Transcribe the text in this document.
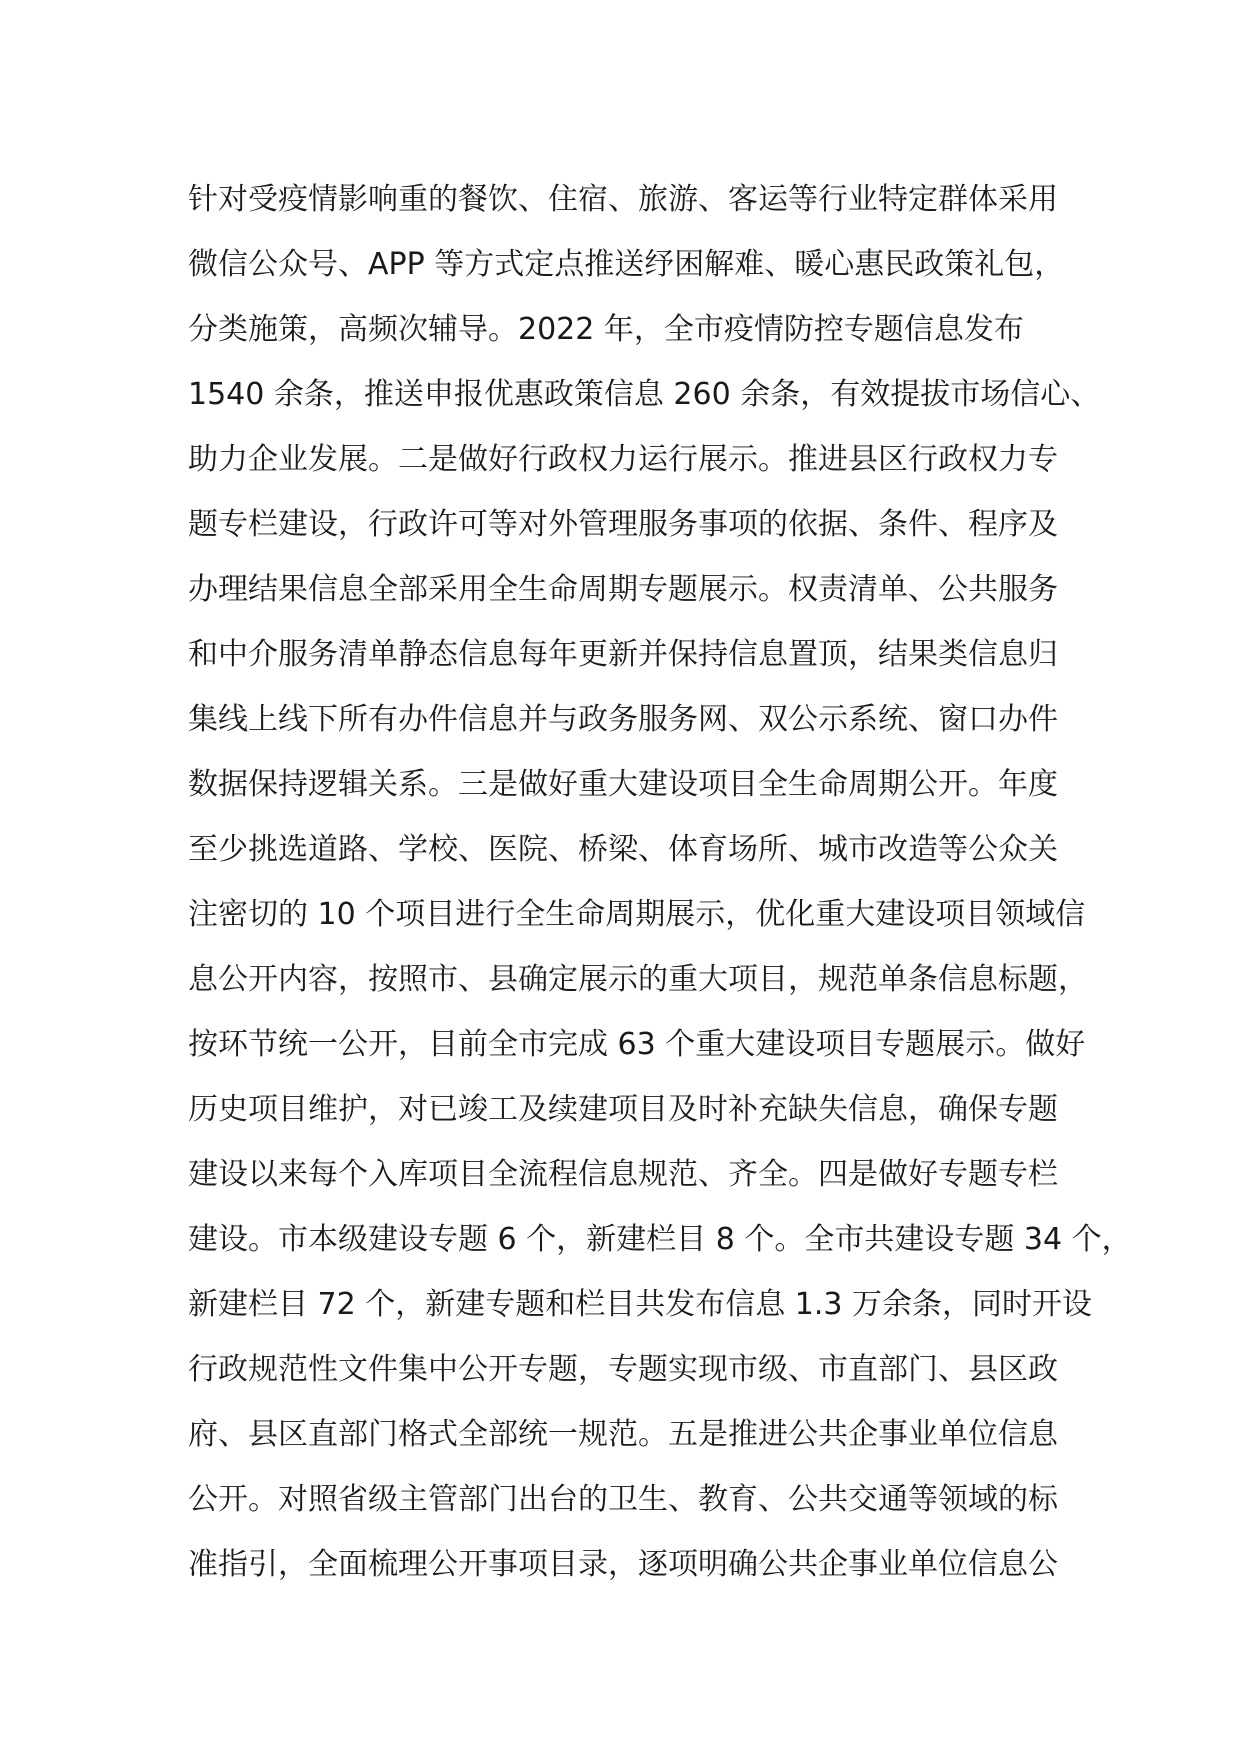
针对受疫情影响重的餐饮、住宿、旅游、客运等行业特定群体采用
微信公众号、APP 等方式定点推送纾困解难、暖心惠民政策礼包，
分类施策，高频次辅导。2022 年，全市疫情防控专题信息发布
1540 余条，推送申报优惠政策信息 260 余条，有效提拔市场信心、
助力企业发展。二是做好行政权力运行展示。推进县区行政权力专
题专栏建设，行政许可等对外管理服务事项的依据、条件、程序及
办理结果信息全部采用全生命周期专题展示。权责清单、公共服务
和中介服务清单静态信息每年更新并保持信息置顶，结果类信息归
集线上线下所有办件信息并与政务服务网、双公示系统、窗口办件
数据保持逻辑关系。三是做好重大建设项目全生命周期公开。年度
至少挑选道路、学校、医院、桥梁、体育场所、城市改造等公众关
注密切的 10 个项目进行全生命周期展示，优化重大建设项目领域信
息公开内容，按照市、县确定展示的重大项目，规范单条信息标题，
按环节统一公开，目前全市完成 63 个重大建设项目专题展示。做好
历史项目维护，对已竣工及续建项目及时补充缺失信息，确保专题
建设以来每个入库项目全流程信息规范、齐全。四是做好专题专栏
建设。市本级建设专题 6 个，新建栏目 8 个。全市共建设专题 34 个，
新建栏目 72 个，新建专题和栏目共发布信息 1.3 万余条，同时开设
行政规范性文件集中公开专题，专题实现市级、市直部门、县区政
府、县区直部门格式全部统一规范。五是推进公共企事业单位信息
公开。对照省级主管部门出台的卫生、教育、公共交通等领域的标
准指引，全面梳理公开事项目录，逐项明确公共企事业单位信息公
